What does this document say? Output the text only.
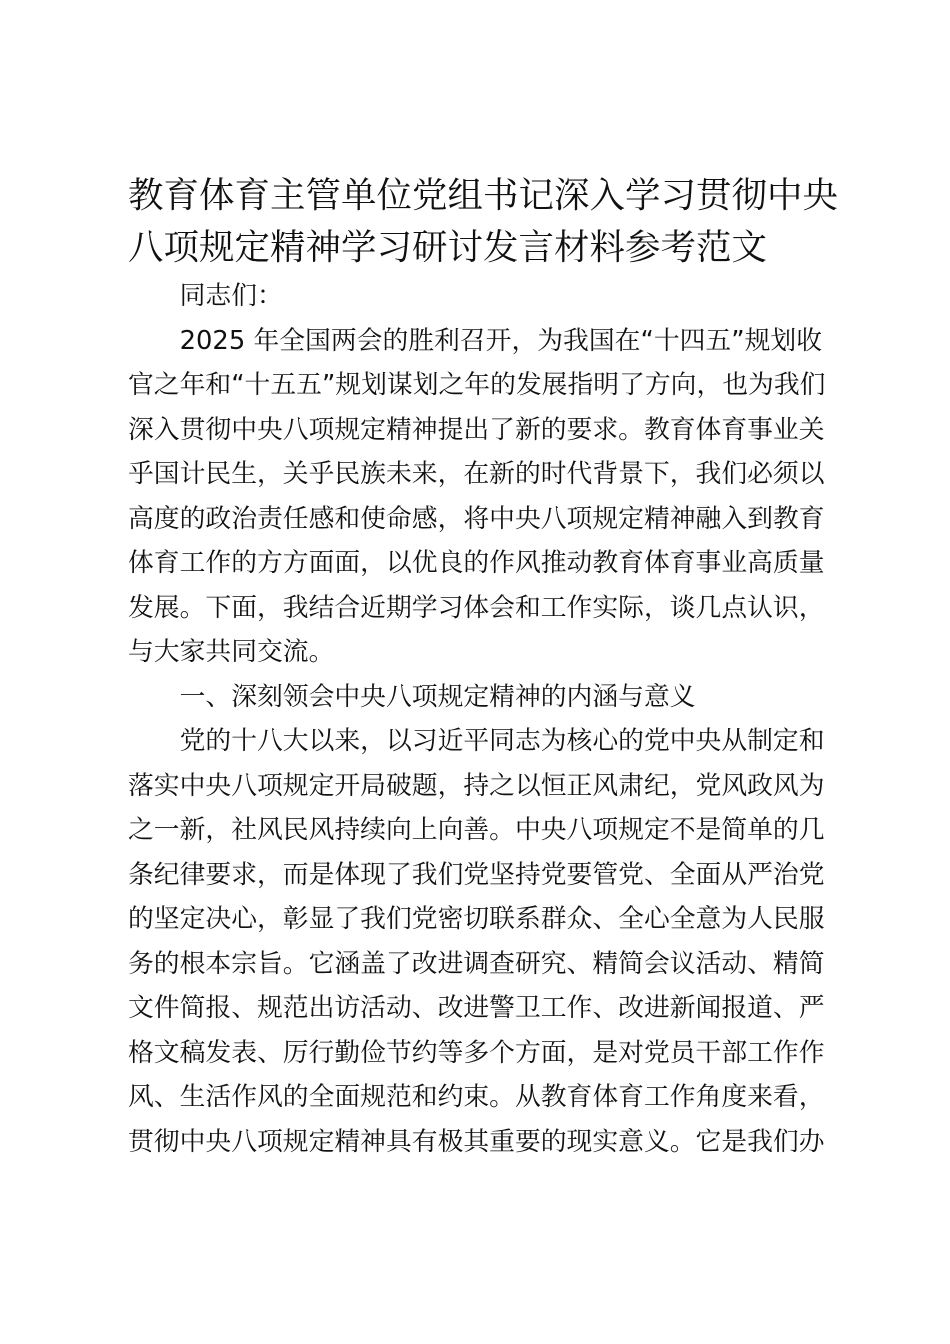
教育体育主管单位党组书记深入学习贯彻中央
八项规定精神学习研讨发言材料参考范文

同志们：

2025 年全国两会的胜利召开，为我国在“十四五”规划收
官之年和“十五五”规划谋划之年的发展指明了方向，也为我们
深入贯彻中央八项规定精神提出了新的要求。教育体育事业关
乎国计民生，关乎民族未来，在新的时代背景下，我们必须以
高度的政治责任感和使命感，将中央八项规定精神融入到教育
体育工作的方方面面，以优良的作风推动教育体育事业高质量
发展。下面，我结合近期学习体会和工作实际，谈几点认识，
与大家共同交流。

一、深刻领会中央八项规定精神的内涵与意义

党的十八大以来，以习近平同志为核心的党中央从制定和
落实中央八项规定开局破题，持之以恒正风肃纪，党风政风为
之一新，社风民风持续向上向善。中央八项规定不是简单的几
条纪律要求，而是体现了我们党坚持党要管党、全面从严治党
的坚定决心，彰显了我们党密切联系群众、全心全意为人民服
务的根本宗旨。它涵盖了改进调查研究、精简会议活动、精简
文件简报、规范出访活动、改进警卫工作、改进新闻报道、严
格文稿发表、厉行勤俭节约等多个方面，是对党员干部工作作
风、生活作风的全面规范和约束。从教育体育工作角度来看，
贯彻中央八项规定精神具有极其重要的现实意义。它是我们办
